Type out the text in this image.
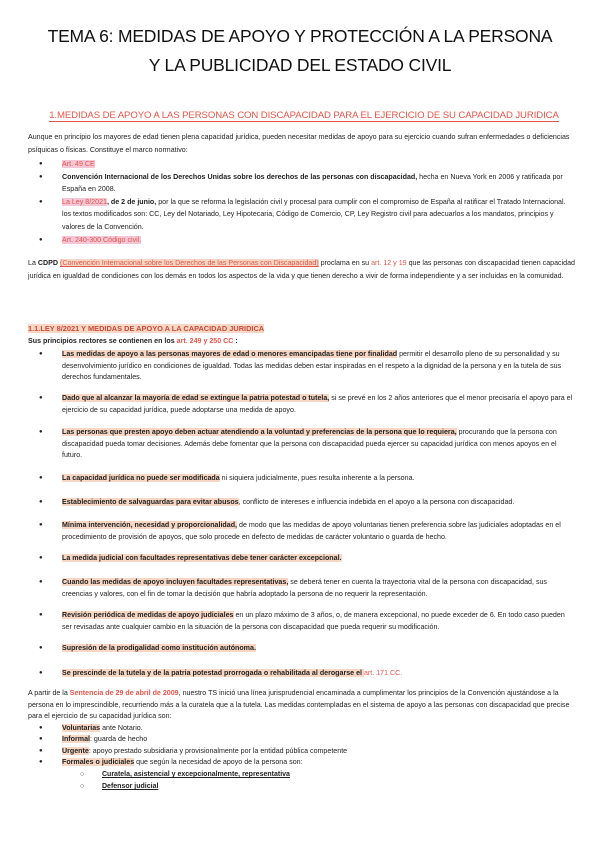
TEMA 6: MEDIDAS DE APOYO Y PROTECCIÓN A LA PERSONA
Y LA PUBLICIDAD DEL ESTADO CIVIL
1.MEDIDAS DE APOYO A LAS PERSONAS CON DISCAPACIDAD PARA EL EJERCICIO DE SU CAPACIDAD JURIDICA
Aunque en principio los mayores de edad tienen plena capacidad jurídica, pueden necesitar medidas de apoyo para su ejercicio cuando sufran enfermedades o deficiencias psíquicas o físicas. Constituye el marco normativo:
● Art. 49 CE
● Convención Internacional de los Derechos Unidas sobre los derechos de las personas con discapacidad, hecha en Nueva York en 2006 y ratificada por España en 2008.
● La Ley 8/2021, de 2 de junio, por la que se reforma la legislación civil y procesal para cumplir con el compromiso de España al ratificar el Tratado Internacional. los textos modificados son: CC, Ley del Notariado, Ley Hipotecaria, Código de Comercio, CP, Ley Registro civil para adecuarlos a los mandatos, principios y valores de la Convención.
● Art. 240-300 Código civil.
La CDPD (Convención Internacional sobre los Derechos de las Personas con Discapacidad) proclama en su art. 12 y 19 que las personas con discapacidad tienen capacidad jurídica en igualdad de condiciones con los demás en todos los aspectos de la vida y que tienen derecho a vivir de forma independiente y a ser incluidas en la comunidad.
1.1.LEY 8/2021 Y MEDIDAS DE APOYO A LA CAPACIDAD JURIDICA
Sus principios rectores se contienen en los art. 249 y 250 CC :
● Las medidas de apoyo a las personas mayores de edad o menores emancipadas tiene por finalidad permitir el desarrollo pleno de su personalidad y su desenvolvimiento jurídico en condiciones de igualdad. Todas las medidas deben estar inspiradas en el respeto a la dignidad de la persona y en la tutela de sus derechos fundamentales.
● Dado que al alcanzar la mayoría de edad se extingue la patria potestad o tutela, si se prevé en los 2 años anteriores que el menor precisaría el apoyo para el ejercicio de su capacidad jurídica, puede adoptarse una medida de apoyo.
● Las personas que presten apoyo deben actuar atendiendo a la voluntad y preferencias de la persona que lo requiera, procurando que la persona con discapacidad pueda tomar decisiones. Además debe fomentar que la persona con discapacidad pueda ejercer su capacidad jurídica con menos apoyos en el futuro.
● La capacidad jurídica no puede ser modificada ni siquiera judicialmente, pues resulta inherente a la persona.
● Establecimiento de salvaguardas para evitar abusos, conflicto de intereses e influencia indebida en el apoyo a la persona con discapacidad.
● Mínima intervención, necesidad y proporcionalidad, de modo que las medidas de apoyo voluntarias tienen preferencia sobre las judiciales adoptadas en el procedimiento de provisión de apoyos, que solo procede en defecto de medidas de carácter voluntario o guarda de hecho.
● La medida judicial con facultades representativas debe tener carácter excepcional.
● Cuando las medidas de apoyo incluyen facultades representativas, se deberá tener en cuenta la trayectoria vital de la persona con discapacidad, sus creencias y valores, con el fin de tomar la decisión que habría adoptado la persona de no requerir la representación.
● Revisión periódica de medidas de apoyo judiciales en un plazo máximo de 3 años, o, de manera excepcional, no puede exceder de 6. En todo caso pueden ser revisadas ante cualquier cambio en la situación de la persona con discapacidad que pueda requerir su modificación.
● Supresión de la prodigalidad como institución autónoma.
● Se prescinde de la tutela y de la patria potestad prorrogada o rehabilitada al derogarse el art. 171 CC.
A partir de la Sentencia de 29 de abril de 2009, nuestro TS inició una línea jurisprudencial encaminada a cumplimentar los principios de la Convención ajustándose a la persona en lo imprescindible, recurriendo más a la curatela que a la tutela. Las medidas contempladas en el sistema de apoyo a las personas con discapacidad que precise para el ejercicio de su capacidad jurídica son:
● Voluntarias ante Notario.
● Informal: guarda de hecho
● Urgente: apoyo prestado subsidiaria y provisionalmente por la entidad pública competente
● Formales o judiciales que según la necesidad de apoyo de la persona son:
○ Curatela, asistencial y excepcionalmente, representativa
○ Defensor judicial
